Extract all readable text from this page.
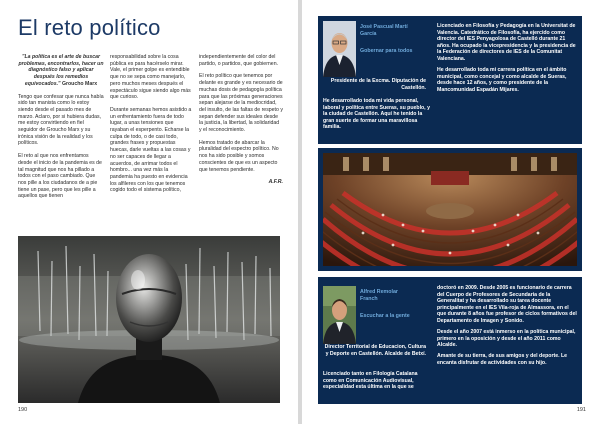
El reto político

"La política es el arte de buscar problemas, encontrarlos, hacer un diagnóstico falso y aplicar después los remedios equivocados." Groucho Marx

Tengo que confesar que nunca había sido tan manista como lo estoy siendo desde el pasado mes de marzo. Aclaro, por si hubiera dudas, me estoy convirtiendo en fiel seguidor de Groucho Marx y su irónica visión de la realidad y los políticos.

El reto al que nos enfrentamos desde el inicio de la pandemia es de tal magnitud que nos ha pillado a todos con el paso cambiado. Que nos pille a los ciudadanos de a pie tiene un pase, pero que les pille a aquellos que tienen

responsabilidad sobre la cosa pública es para hacérselo mirar. Vale, el primer golpe es entendible que no se sepa como manejarlo, pero muchos meses después el espectáculo sigue siendo algo más que curioso.

Durante semanas hemos asistido a un enfrentamiento fuera de todo lugar, a unas tensiones que rayaban el esperpento. Echarse la culpa de todo, o de casi todo, grandes frases y propuestas huecas, darle vueltas a las cosas y no ser capaces de llegar a acuerdos, de arrimar todos el hombro... una vez más la pandemia ha puesto en evidencia los alfileres con los que tenemos cogido todo el sistema político,

independientemente del color del partido, o partidos, que gobiernen.

El reto político que tenemos por delante es grande y es necesario de muchas dosis de pedagogía política para que las próximas generaciones sepan alejarse de la mediocridad, del insulto, de las faltas de respeto y sepan defender sus ideales desde la justicia, la libertad, la solidaridad y el reconocimiento.

Hemos tratado de abarcar la pluralidad del espectro político. No nos ha sido posible y somos conscientes de que es un aspecto que tenemos pendiente.

A.F.R.

190
José Pascual Martí García
Gobernar para todos
Presidente de la Excma. Diputación de Castellón.

He desarrollado toda mi vida personal, laboral y política entre Sueras, su pueblo, y la ciudad de Castellón. Aquí he tenido la gran suerte de formar una maravillosa familia.

Licenciado en Filosofía y Pedagogía en la Universitat de Valencia. Catedrático de Filosofía, ha ejercido como director del IES Penyagolosa de Castelló durante 21 años. Ha ocupado la vicepresidencia y la presidencia de la Federación de directores de IES de la Comunitat Valenciana.

He desarrollado toda mi carrera política en el ámbito municipal, como concejal y como alcalde de Sueras, desde hace 12 años, y como presidente de la Mancomunidad Espadán Mijares.

Alfred Remolar Franch
Escuchar a la gente
Director Territorial de Educacion, Cultura y Deporte en Castellón. Alcalde de Betxí.

Licenciado tanto en Filología Catalana como en Comunicación Audiovisual, especialidad esta última en la que se

doctoró en 2009. Desde 2005 es funcionario de carrera del Cuerpo de Profesores de Secundaria de la Generalitat y ha desarrollado su tarea docente principalmente en el IES Vila-roja de Almassora, en el que durante 8 años fue profesor de ciclos formativos del Departamento de Imagen y Sonido.

Desde el año 2007 está inmerso en la política municipal, primero en la oposición y desde el año 2011 como Alcalde.

Amante de su tierra, de sus amigos y del deporte. Le encanta disfrutar de actividades con su hijo.

191
